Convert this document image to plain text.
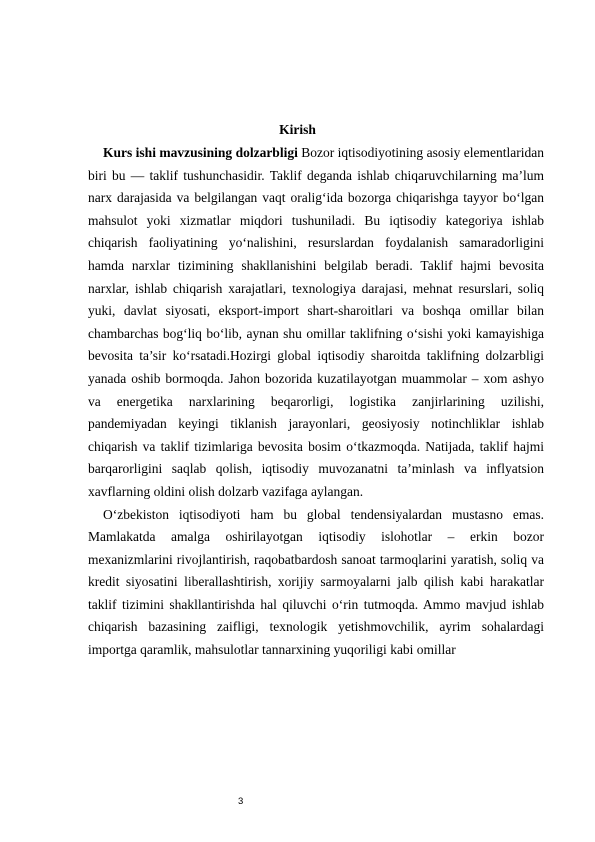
Kirish

Kurs ishi mavzusining dolzarbligi Bozor iqtisodiyotining asosiy elementlaridan biri bu — taklif tushunchasidir. Taklif deganda ishlab chiqaruvchilarning ma’lum narx darajasida va belgilangan vaqt oralig‘ida bozorga chiqarishga tayyor bo‘lgan mahsulot yoki xizmatlar miqdori tushuniladi. Bu iqtisodiy kategoriya ishlab chiqarish faoliyatining yo‘nalishini, resurslardan foydalanish samaradorligini hamda narxlar tizimining shakllanishini belgilab beradi. Taklif hajmi bevosita narxlar, ishlab chiqarish xarajatlari, texnologiya darajasi, mehnat resurslari, soliq yuki, davlat siyosati, eksport-import shart-sharoitlari va boshqa omillar bilan chambarchas bog‘liq bo‘lib, aynan shu omillar taklifning o‘sishi yoki kamayishiga bevosita ta’sir ko‘rsatadi.Hozirgi global iqtisodiy sharoitda taklifning dolzarbligi yanada oshib bormoqda. Jahon bozorida kuzatilayotgan muammolar – xom ashyo va energetika narxlarining beqarorligi, logistika zanjirlarining uzilishi, pandemiyadan keyingi tiklanish jarayonlari, geosiyosiy notinchliklar ishlab chiqarish va taklif tizimlariga bevosita bosim o‘tkazmoqda. Natijada, taklif hajmi barqarorligini saqlab qolish, iqtisodiy muvozanatni ta’minlash va inflyatsion xavflarning oldini olish dolzarb vazifaga aylangan.

O‘zbekiston iqtisodiyoti ham bu global tendensiyalardan mustasno emas. Mamlakatda amalga oshirilayotgan iqtisodiy islohotlar – erkin bozor mexanizmlarini rivojlantirish, raqobatbardosh sanoat tarmoqlarini yaratish, soliq va kredit siyosatini liberallashtirish, xorijiy sarmoyalarni jalb qilish kabi harakatlar taklif tizimini shakllantirishda hal qiluvchi o‘rin tutmoqda. Ammo mavjud ishlab chiqarish bazasining zaifligi, texnologik yetishmovchilik, ayrim sohalardagi importga qaramlik, mahsulotlar tannarxining yuqoriligi kabi omillar

3
